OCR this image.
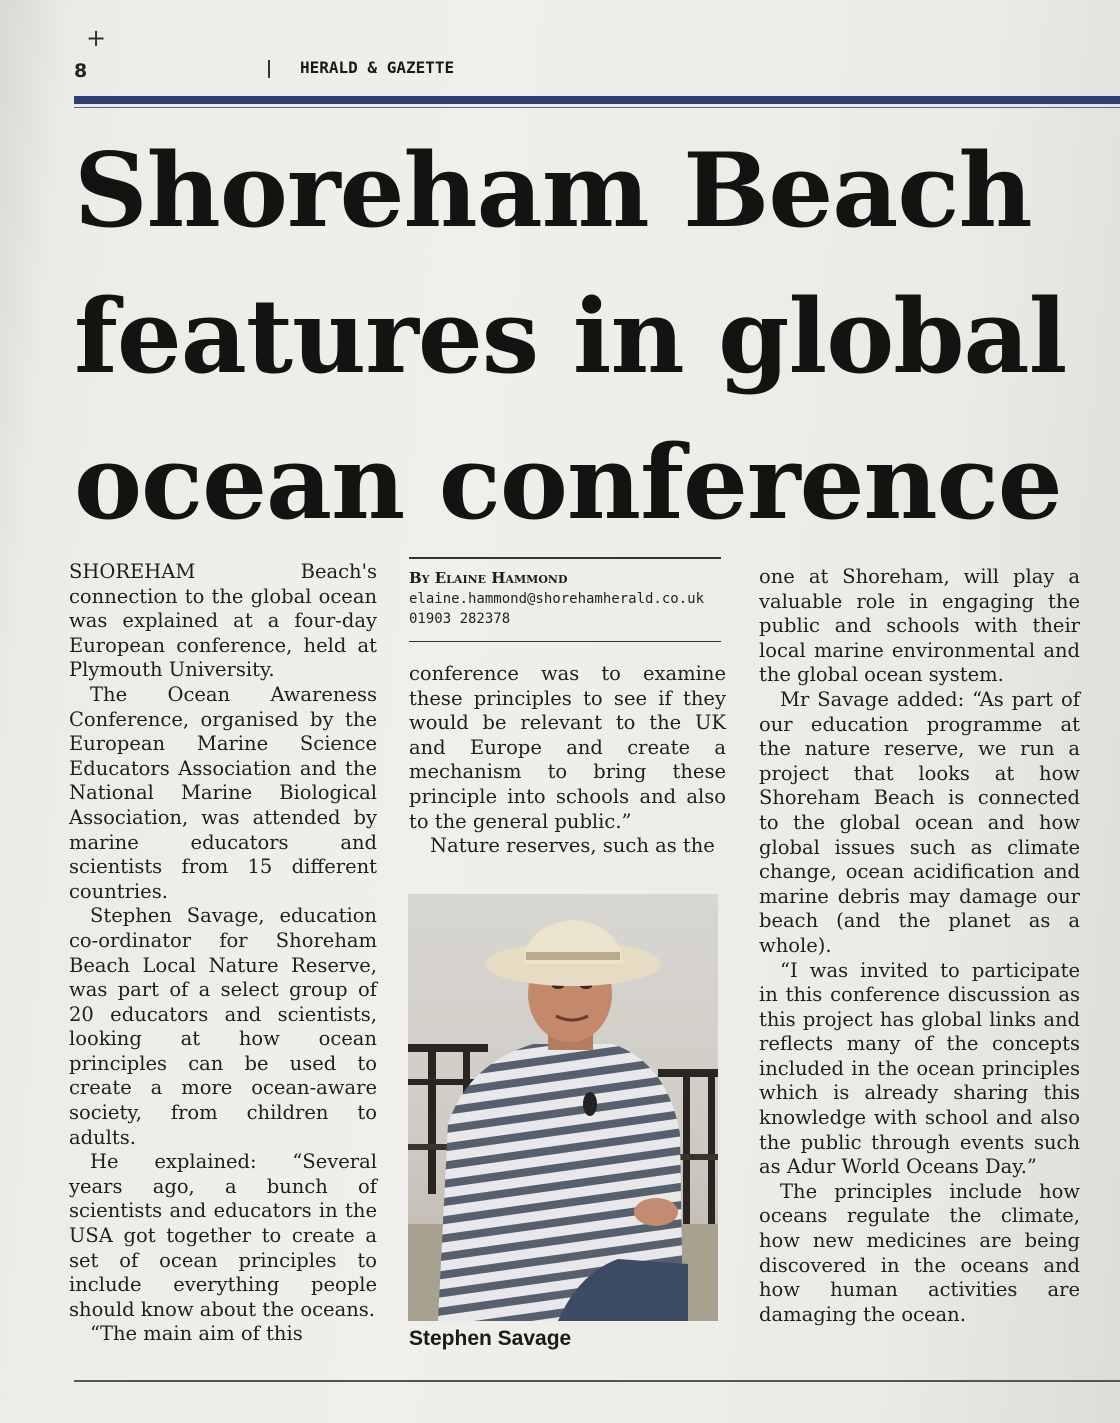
+
8	HERALD & GAZETTE
Shoreham Beach
features in global
ocean conference

SHOREHAM Beach's connection to the global ocean was explained at a four-day European conference, held at Plymouth University.

The Ocean Awareness Conference, organised by the European Marine Science Educators Association and the National Marine Biological Association, was attended by marine educators and scientists from 15 different countries.

Stephen Savage, education co-ordinator for Shoreham Beach Local Nature Reserve, was part of a select group of 20 educators and scientists, looking at how ocean principles can be used to create a more ocean-aware society, from children to adults.

He explained: “Several years ago, a bunch of scientists and educators in the USA got together to create a set of ocean principles to include everything people should know about the oceans.

“The main aim of this

By Elaine Hammond
elaine.hammond@shorehamherald.co.uk
01903 282378

conference was to examine these principles to see if they would be relevant to the UK and Europe and create a mechanism to bring these principle into schools and also to the general public.”

Nature reserves, such as the

Stephen Savage

one at Shoreham, will play a valuable role in engaging the public and schools with their local marine environmental and the global ocean system.

Mr Savage added: “As part of our education programme at the nature reserve, we run a project that looks at how Shoreham Beach is connected to the global ocean and how global issues such as climate change, ocean acidification and marine debris may damage our beach (and the planet as a whole).

“I was invited to participate in this conference discussion as this project has global links and reflects many of the concepts included in the ocean principles which is already sharing this knowledge with school and also the public through events such as Adur World Oceans Day.”

The principles include how oceans regulate the climate, how new medicines are being discovered in the oceans and how human activities are damaging the ocean.
